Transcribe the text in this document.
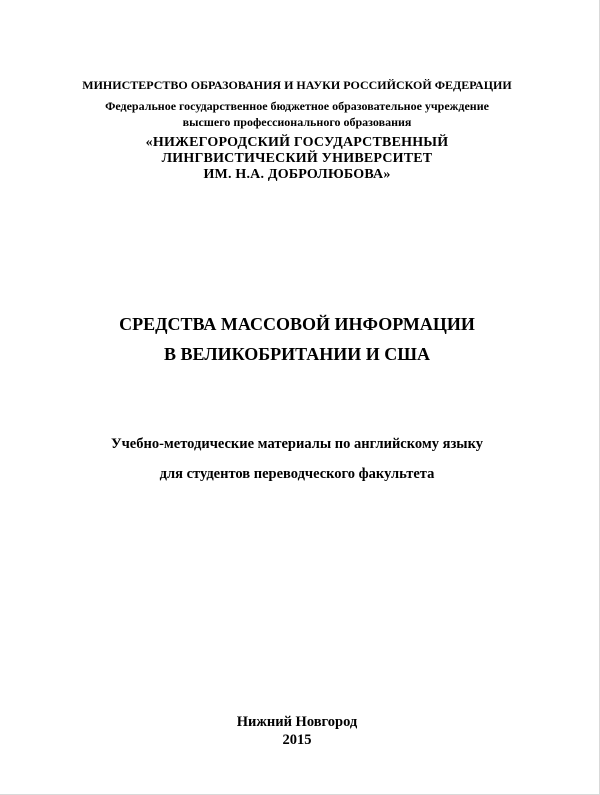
МИНИСТЕРСТВО ОБРАЗОВАНИЯ И НАУКИ РОССИЙСКОЙ ФЕДЕРАЦИИ

Федеральное государственное бюджетное образовательное учреждение

высшего профессионального образования

«НИЖЕГОРОДСКИЙ ГОСУДАРСТВЕННЫЙ

ЛИНГВИСТИЧЕСКИЙ УНИВЕРСИТЕТ

ИМ. Н.А. ДОБРОЛЮБОВА»

СРЕДСТВА МАССОВОЙ ИНФОРМАЦИИ

В ВЕЛИКОБРИТАНИИ И США

Учебно-методические материалы по английскому языку

для студентов переводческого факультета

Нижний Новгород

2015
